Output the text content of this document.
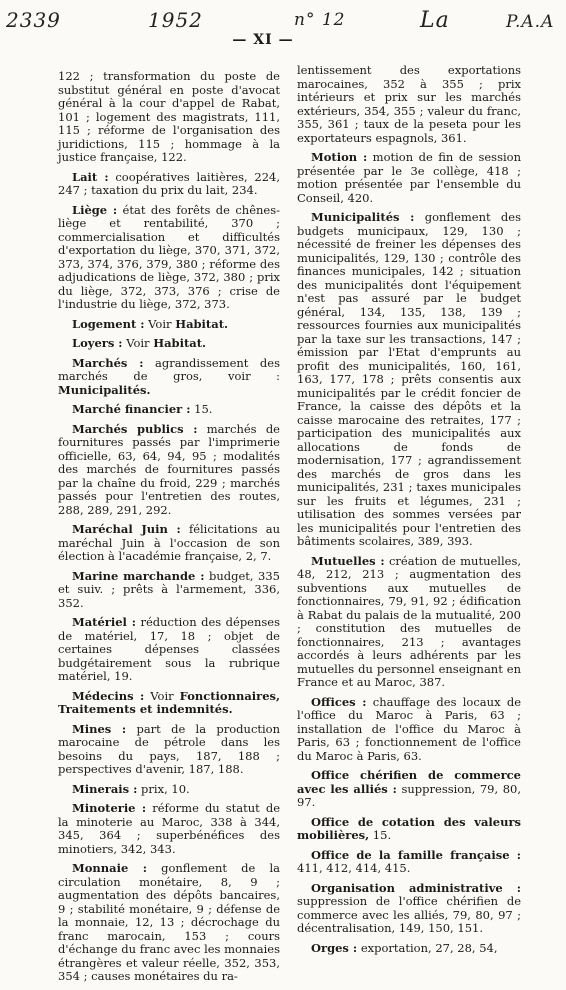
2339	1952	n° 12	La	P.A.A
— XI —

122 ; transformation du poste de substitut général en poste d'avocat général à la cour d'appel de Rabat, 101 ; logement des magistrats, 111, 115 ; réforme de l'organisation des juridictions, 115 ; hommage à la justice française, 122.

Lait : coopératives laitières, 224, 247 ; taxation du prix du lait, 234.

Liège : état des forêts de chênes-liège et rentabilité, 370 ; commercialisation et difficultés d'exportation du liège, 370, 371, 372, 373, 374, 376, 379, 380 ; réforme des adjudications de liège, 372, 380 ; prix du liège, 372, 373, 376 ; crise de l'industrie du liège, 372, 373.

Logement : Voir Habitat.

Loyers : Voir Habitat.

Marchés : agrandissement des marchés de gros, voir : Municipalités.

Marché financier : 15.

Marchés publics : marchés de fournitures passés par l'imprimerie officielle, 63, 64, 94, 95 ; modalités des marchés de fournitures passés par la chaîne du froid, 229 ; marchés passés pour l'entretien des routes, 288, 289, 291, 292.

Maréchal Juin : félicitations au maréchal Juin à l'occasion de son élection à l'académie française, 2, 7.

Marine marchande : budget, 335 et suiv. ; prêts à l'armement, 336, 352.

Matériel : réduction des dépenses de matériel, 17, 18 ; objet de certaines dépenses classées budgétairement sous la rubrique matériel, 19.

Médecins : Voir Fonctionnaires, Traitements et indemnités.

Mines : part de la production marocaine de pétrole dans les besoins du pays, 187, 188 ; perspectives d'avenir, 187, 188.

Minerais : prix, 10.

Minoterie : réforme du statut de la minoterie au Maroc, 338 à 344, 345, 364 ; superbénéfices des minotiers, 342, 343.

Monnaie : gonflement de la circulation monétaire, 8, 9 ; augmentation des dépôts bancaires, 9 ; stabilité monétaire, 9 ; défense de la monnaie, 12, 13 ; décrochage du franc marocain, 153 ; cours d'échange du franc avec les monnaies étrangères et valeur réelle, 352, 353, 354 ; causes monétaires du ra-

lentissement des exportations marocaines, 352 à 355 ; prix intérieurs et prix sur les marchés extérieurs, 354, 355 ; valeur du franc, 355, 361 ; taux de la peseta pour les exportateurs espagnols, 361.

Motion : motion de fin de session présentée par le 3e collège, 418 ; motion présentée par l'ensemble du Conseil, 420.

Municipalités : gonflement des budgets municipaux, 129, 130 ; nécessité de freiner les dépenses des municipalités, 129, 130 ; contrôle des finances municipales, 142 ; situation des municipalités dont l'équipement n'est pas assuré par le budget général, 134, 135, 138, 139 ; ressources fournies aux municipalités par la taxe sur les transactions, 147 ; émission par l'Etat d'emprunts au profit des municipalités, 160, 161, 163, 177, 178 ; prêts consentis aux municipalités par le crédit foncier de France, la caisse des dépôts et la caisse marocaine des retraites, 177 ; participation des municipalités aux allocations de fonds de modernisation, 177 ; agrandissement des marchés de gros dans les municipalités, 231 ; taxes municipales sur les fruits et légumes, 231 ; utilisation des sommes versées par les municipalités pour l'entretien des bâtiments scolaires, 389, 393.

Mutuelles : création de mutuelles, 48, 212, 213 ; augmentation des subventions aux mutuelles de fonctionnaires, 79, 91, 92 ; édification à Rabat du palais de la mutualité, 200 ; constitution des mutuelles de fonctionnaires, 213 ; avantages accordés à leurs adhérents par les mutuelles du personnel enseignant en France et au Maroc, 387.

Offices : chauffage des locaux de l'office du Maroc à Paris, 63 ; installation de l'office du Maroc à Paris, 63 ; fonctionnement de l'office du Maroc à Paris, 63.

Office chérifien de commerce avec les alliés : suppression, 79, 80, 97.

Office de cotation des valeurs mobilières, 15.

Office de la famille française : 411, 412, 414, 415.

Organisation administrative : suppression de l'office chérifien de commerce avec les alliés, 79, 80, 97 ; décentralisation, 149, 150, 151.

Orges : exportation, 27, 28, 54,
